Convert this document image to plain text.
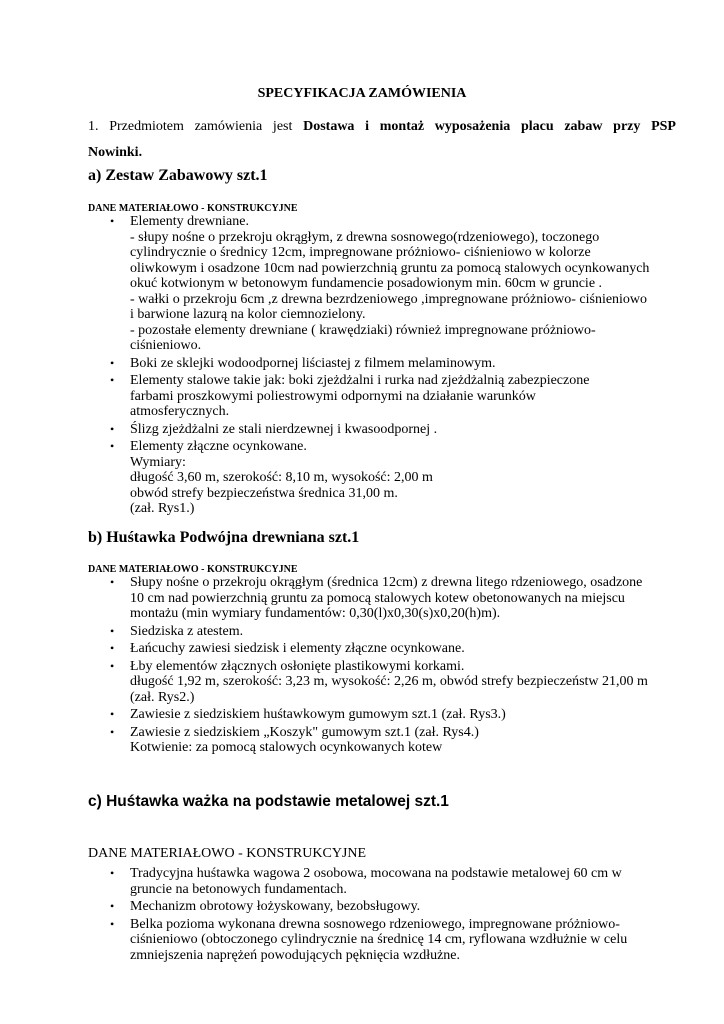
SPECYFIKACJA ZAMÓWIENIA
1. Przedmiotem zamówienia jest Dostawa i montaż wyposażenia placu zabaw przy PSP
Nowinki.
a) Zestaw Zabawowy szt.1
DANE MATERIAŁOWO - KONSTRUKCYJNE
• Elementy drewniane.
- słupy nośne o przekroju okrągłym, z drewna sosnowego(rdzeniowego), toczonego
cylindrycznie o średnicy 12cm, impregnowane próżniowo- ciśnieniowo w kolorze
oliwkowym i osadzone 10cm nad powierzchnią gruntu za pomocą stalowych ocynkowanych
okuć kotwionym w betonowym fundamencie posadowionym min. 60cm w gruncie .
- wałki o przekroju 6cm ,z drewna bezrdzeniowego ,impregnowane próżniowo- ciśnieniowo
i barwione lazurą na kolor ciemnozielony.
- pozostałe elementy drewniane ( krawędziaki) również impregnowane próżniowo-
ciśnieniowo.
• Boki ze sklejki wodoodpornej liściastej z filmem melaminowym.
• Elementy stalowe takie jak: boki zjeżdżalni i rurka nad zjeżdżalnią zabezpieczone
farbami proszkowymi poliestrowymi odpornymi na działanie warunków
atmosferycznych.
• Ślizg zjeżdżalni ze stali nierdzewnej i kwasoodpornej .
• Elementy złączne ocynkowane.
Wymiary:
długość 3,60 m, szerokość: 8,10 m, wysokość: 2,00 m
obwód strefy bezpieczeństwa średnica 31,00 m.
(zał. Rys1.)
b) Huśtawka Podwójna drewniana szt.1
DANE MATERIAŁOWO - KONSTRUKCYJNE
• Słupy nośne o przekroju okrągłym (średnica 12cm) z drewna litego rdzeniowego, osadzone
10 cm nad powierzchnią gruntu za pomocą stalowych kotew obetonowanych na miejscu
montażu (min wymiary fundamentów: 0,30(l)x0,30(s)x0,20(h)m).
• Siedziska z atestem.
• Łańcuchy zawiesi siedzisk i elementy złączne ocynkowane.
• Łby elementów złącznych osłonięte plastikowymi korkami.
długość 1,92 m, szerokość: 3,23 m, wysokość: 2,26 m, obwód strefy bezpieczeństw 21,00 m
(zał. Rys2.)
• Zawiesie z siedziskiem huśtawkowym gumowym szt.1 (zał. Rys3.)
• Zawiesie z siedziskiem „Koszyk" gumowym szt.1 (zał. Rys4.)
Kotwienie: za pomocą stalowych ocynkowanych kotew
c) Huśtawka ważka na podstawie metalowej szt.1
DANE MATERIAŁOWO - KONSTRUKCYJNE
• Tradycyjna huśtawka wagowa 2 osobowa, mocowana na podstawie metalowej 60 cm w
gruncie na betonowych fundamentach.
• Mechanizm obrotowy łożyskowany, bezobsługowy.
• Belka pozioma wykonana drewna sosnowego rdzeniowego, impregnowane próżniowo-
ciśnieniowo (obtoczonego cylindrycznie na średnicę 14 cm, ryflowana wzdłużnie w celu
zmniejszenia naprężeń powodujących pęknięcia wzdłużne.
